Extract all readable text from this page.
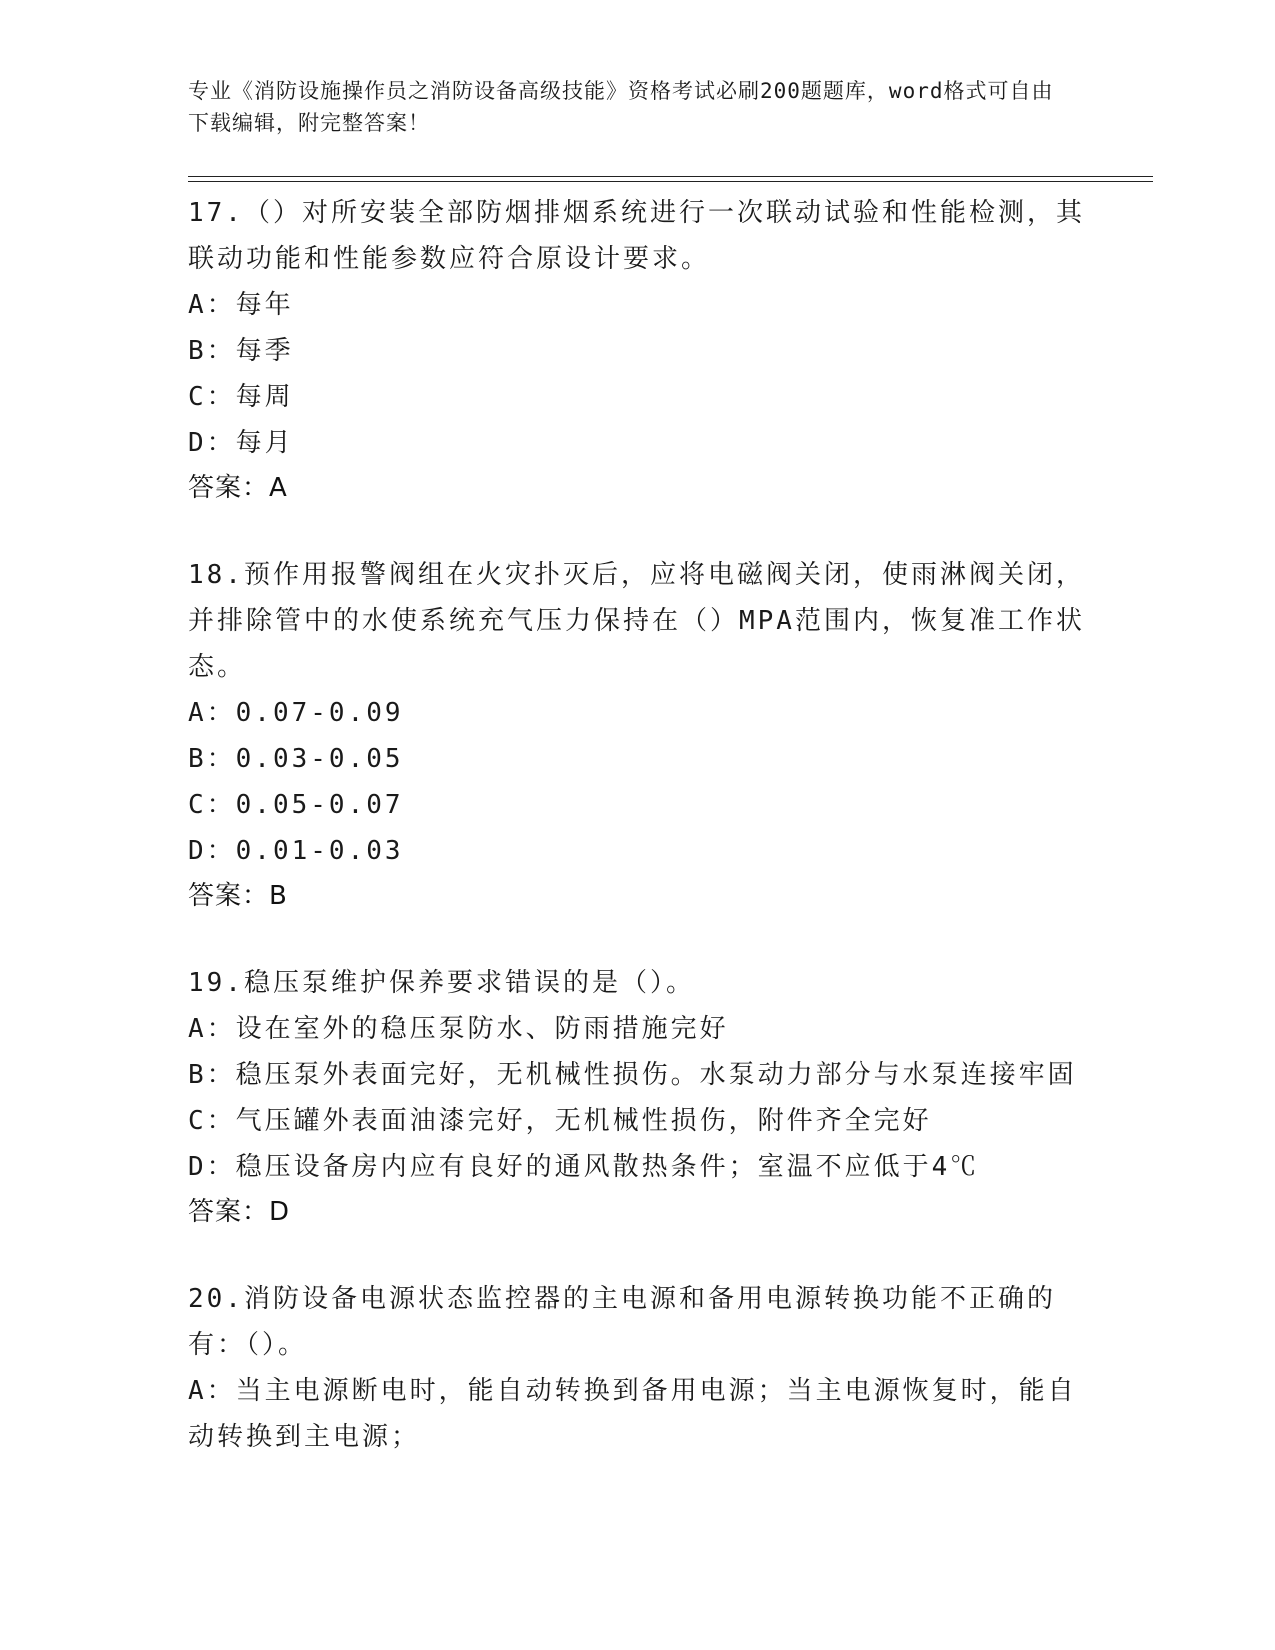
专业《消防设施操作员之消防设备高级技能》资格考试必刷200题题库，word格式可自由下载编辑，附完整答案！

17.（）对所安装全部防烟排烟系统进行一次联动试验和性能检测，其联动功能和性能参数应符合原设计要求。

A：每年

B：每季

C：每周

D：每月

答案：A

18.预作用报警阀组在火灾扑灭后，应将电磁阀关闭，使雨淋阀关闭，并排除管中的水使系统充气压力保持在（）MPA范围内，恢复准工作状态。

A：0.07-0.09

B：0.03-0.05

C：0.05-0.07

D：0.01-0.03

答案：B

19.稳压泵维护保养要求错误的是（）。

A：设在室外的稳压泵防水、防雨措施完好

B：稳压泵外表面完好，无机械性损伤。水泵动力部分与水泵连接牢固

C：气压罐外表面油漆完好，无机械性损伤，附件齐全完好

D：稳压设备房内应有良好的通风散热条件；室温不应低于4℃

答案：D

20.消防设备电源状态监控器的主电源和备用电源转换功能不正确的有：（）。

A：当主电源断电时，能自动转换到备用电源；当主电源恢复时，能自动转换到主电源；
